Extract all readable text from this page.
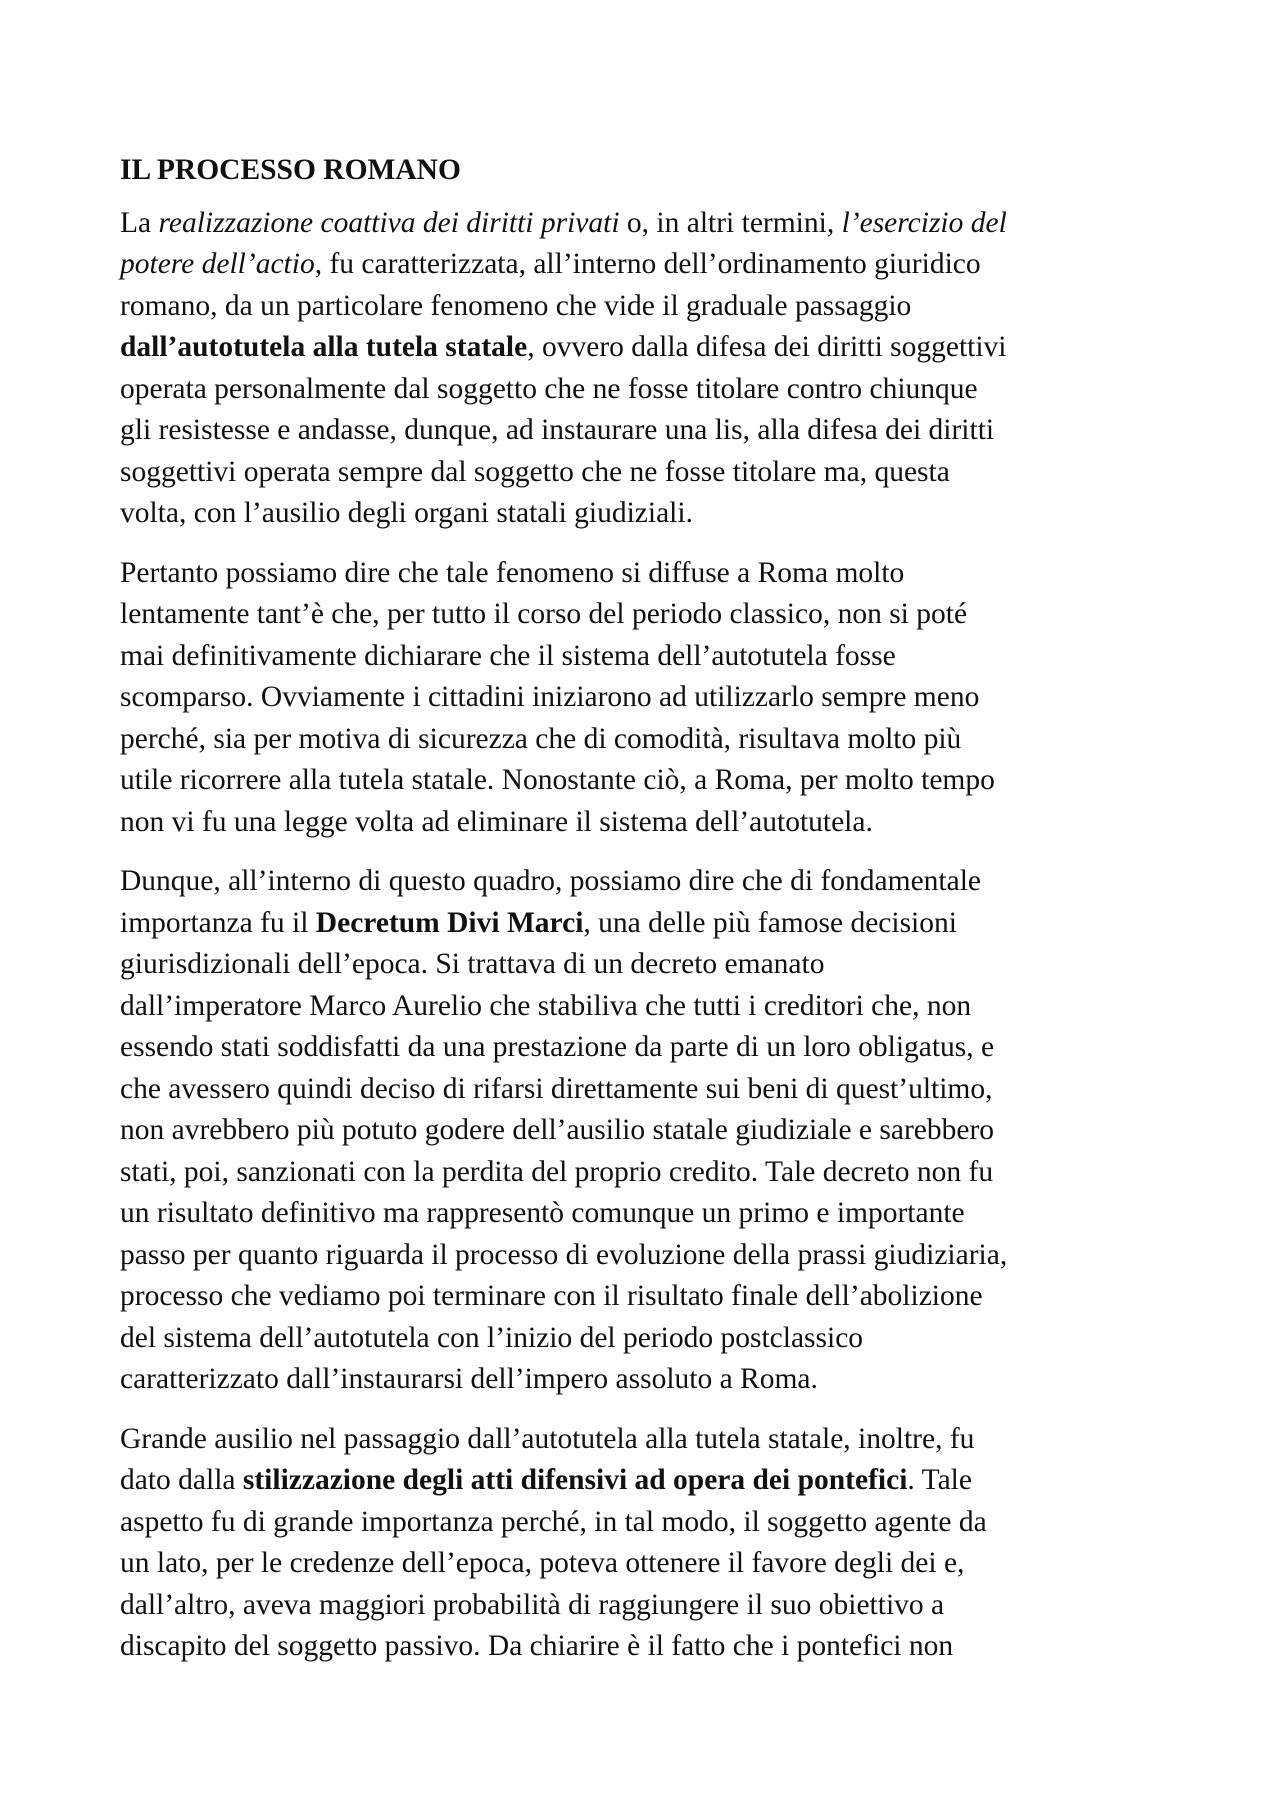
IL PROCESSO ROMANO
La realizzazione coattiva dei diritti privati o, in altri termini, l’esercizio del
potere dell’actio, fu caratterizzata, all’interno dell’ordinamento giuridico
romano, da un particolare fenomeno che vide il graduale passaggio
dall’autotutela alla tutela statale, ovvero dalla difesa dei diritti soggettivi
operata personalmente dal soggetto che ne fosse titolare contro chiunque
gli resistesse e andasse, dunque, ad instaurare una lis, alla difesa dei diritti
soggettivi operata sempre dal soggetto che ne fosse titolare ma, questa
volta, con l’ausilio degli organi statali giudiziali.
Pertanto possiamo dire che tale fenomeno si diffuse a Roma molto
lentamente tant’è che, per tutto il corso del periodo classico, non si poté
mai definitivamente dichiarare che il sistema dell’autotutela fosse
scomparso. Ovviamente i cittadini iniziarono ad utilizzarlo sempre meno
perché, sia per motiva di sicurezza che di comodità, risultava molto più
utile ricorrere alla tutela statale. Nonostante ciò, a Roma, per molto tempo
non vi fu una legge volta ad eliminare il sistema dell’autotutela.
Dunque, all’interno di questo quadro, possiamo dire che di fondamentale
importanza fu il Decretum Divi Marci, una delle più famose decisioni
giurisdizionali dell’epoca. Si trattava di un decreto emanato
dall’imperatore Marco Aurelio che stabiliva che tutti i creditori che, non
essendo stati soddisfatti da una prestazione da parte di un loro obligatus, e
che avessero quindi deciso di rifarsi direttamente sui beni di quest’ultimo,
non avrebbero più potuto godere dell’ausilio statale giudiziale e sarebbero
stati, poi, sanzionati con la perdita del proprio credito. Tale decreto non fu
un risultato definitivo ma rappresentò comunque un primo e importante
passo per quanto riguarda il processo di evoluzione della prassi giudiziaria,
processo che vediamo poi terminare con il risultato finale dell’abolizione
del sistema dell’autotutela con l’inizio del periodo postclassico
caratterizzato dall’instaurarsi dell’impero assoluto a Roma.
Grande ausilio nel passaggio dall’autotutela alla tutela statale, inoltre, fu
dato dalla stilizzazione degli atti difensivi ad opera dei pontefici. Tale
aspetto fu di grande importanza perché, in tal modo, il soggetto agente da
un lato, per le credenze dell’epoca, poteva ottenere il favore degli dei e,
dall’altro, aveva maggiori probabilità di raggiungere il suo obiettivo a
discapito del soggetto passivo. Da chiarire è il fatto che i pontefici non
